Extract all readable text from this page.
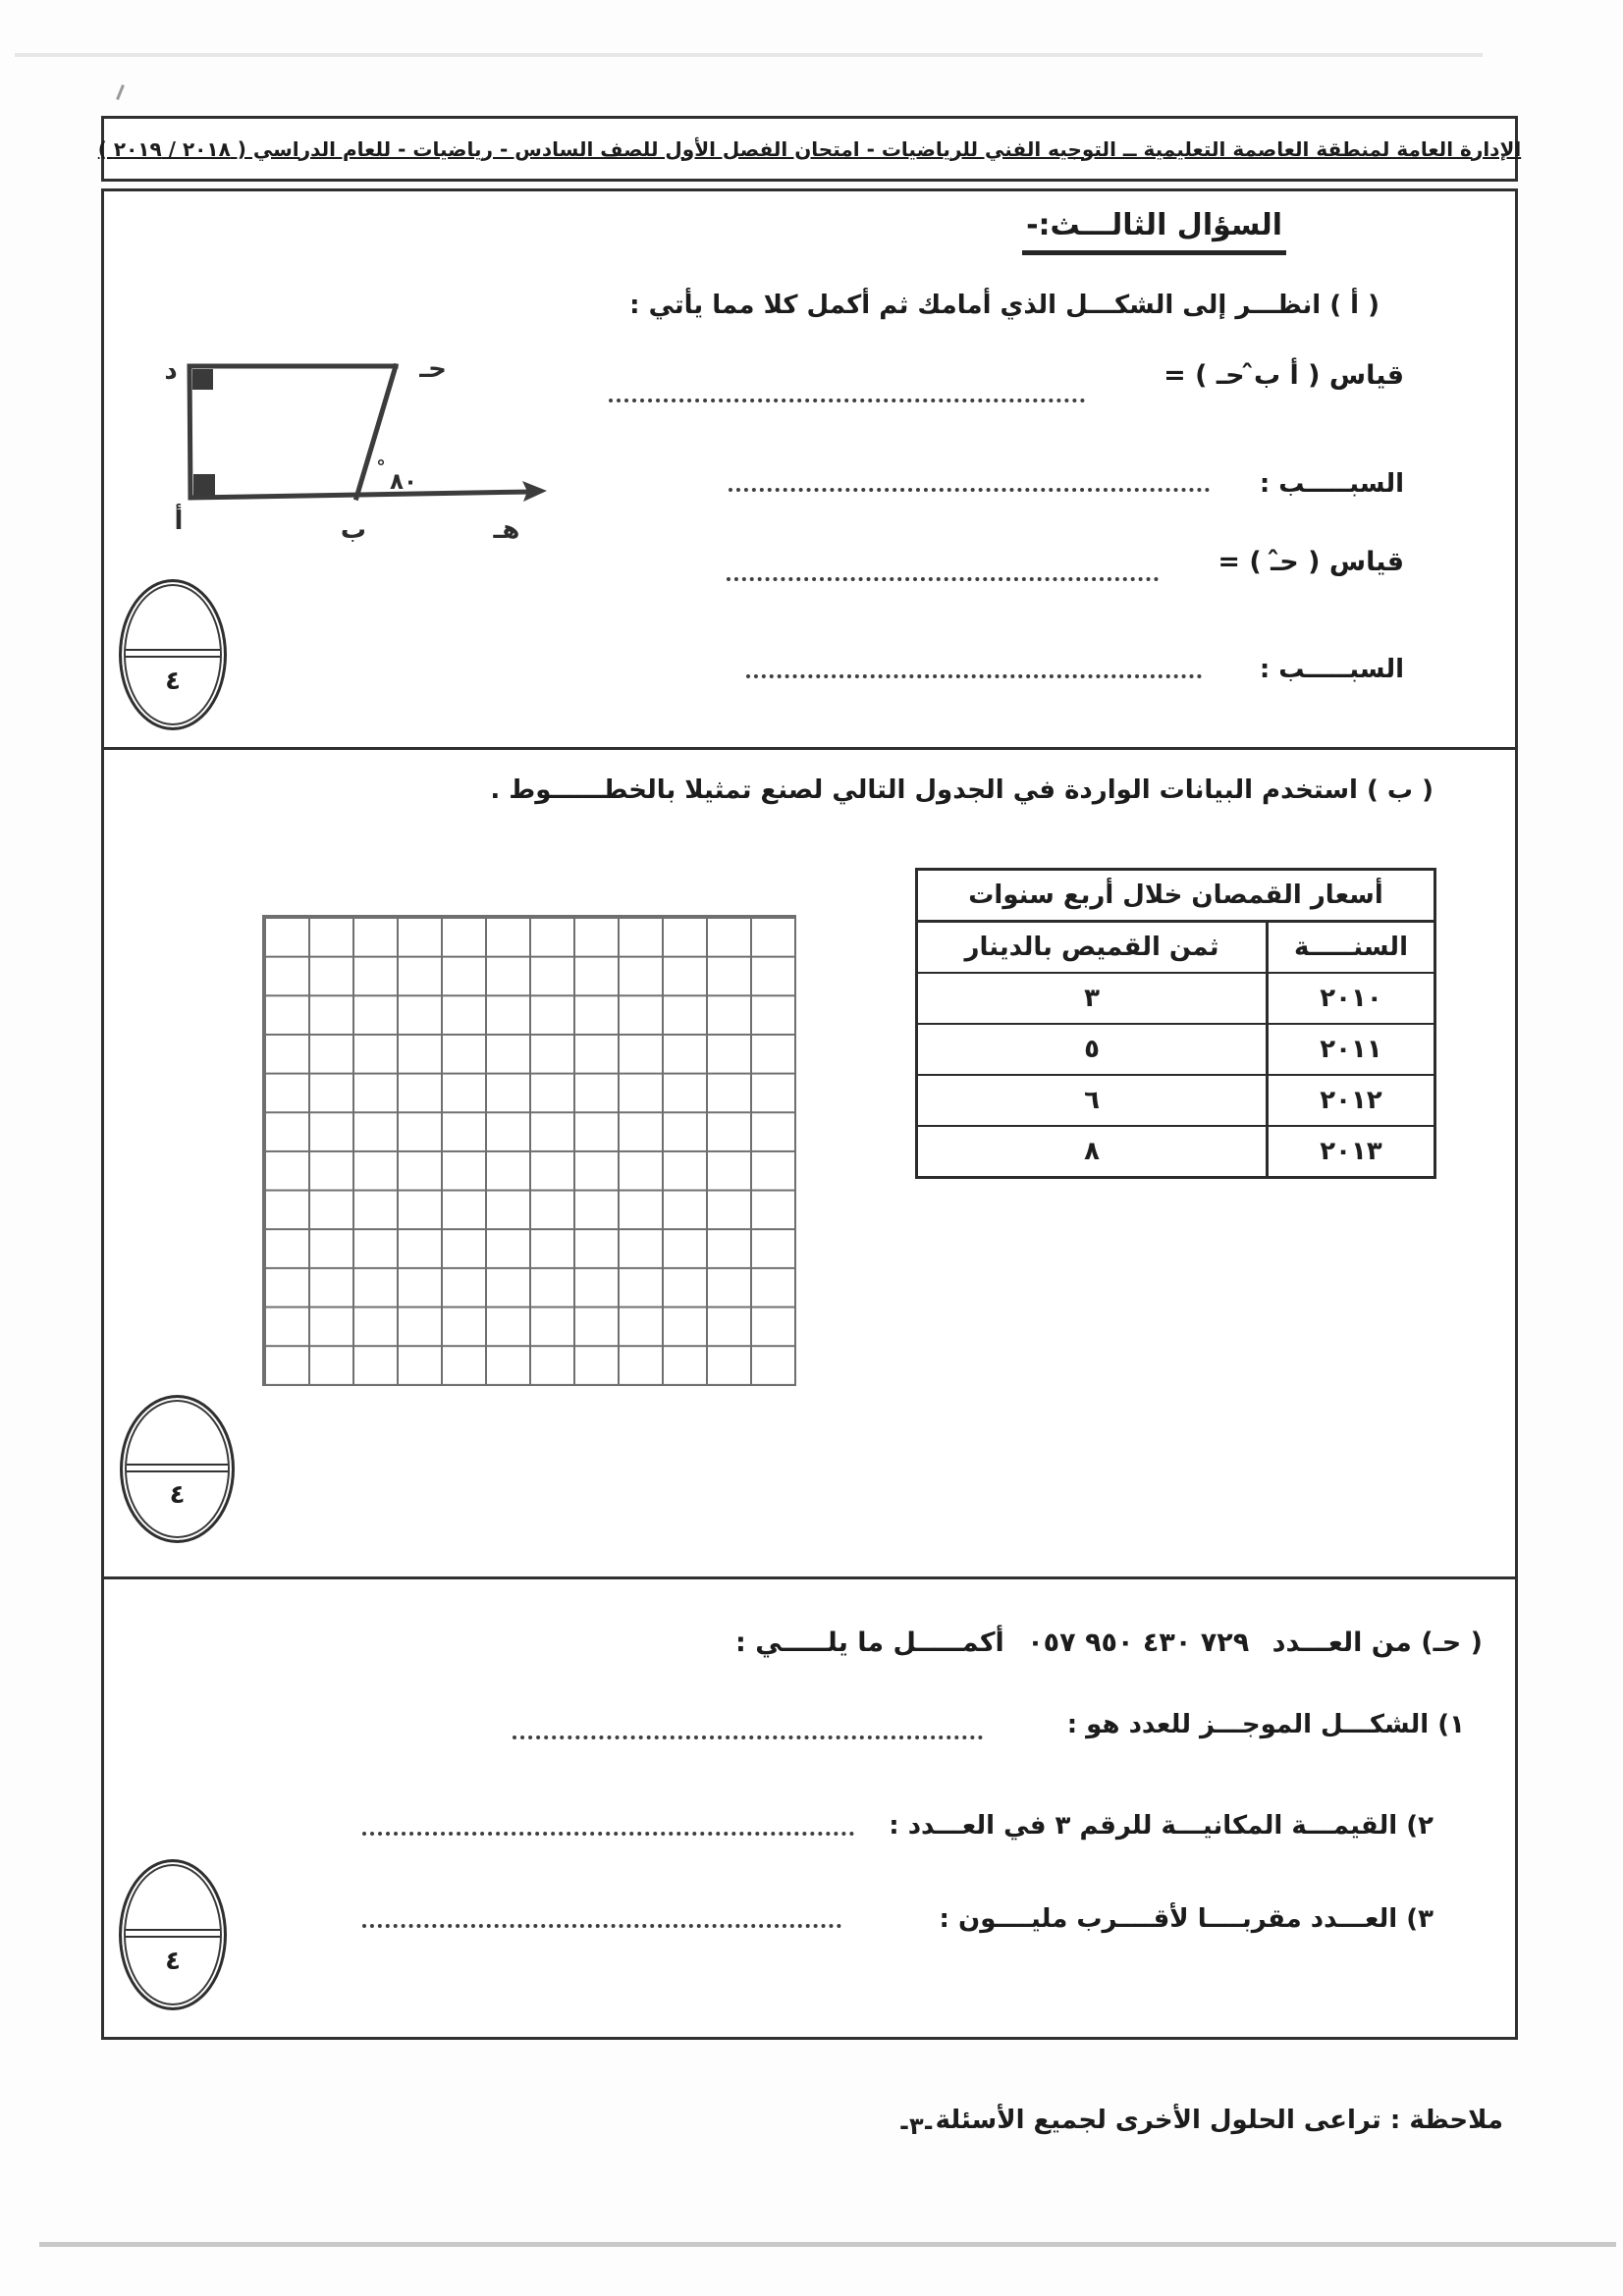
الإدارة العامة لمنطقة العاصمة التعليمية ــ التوجيه الفني للرياضيات - امتحان الفصل الأول للصف السادس - رياضيات - للعام الدراسي ( ٢٠١٨ / ٢٠١٩ )
السؤال الثالـــث:-
( أ ) انظـــر إلى الشكـــل الذي أمامك ثم أكمل كلا مما يأتي :
قياس ( أ ب̂ حـ ) =
السبـــــب :
قياس ( ح̂ـ ) =
السبـــــب :
د	حـ
أ	ب	هـ
°
٨٠
٤
( ب ) استخدم البيانات الواردة في الجدول التالي لصنع تمثيلا بالخطــــــوط .
أسعار القمصان خلال أربع سنوات
السنـــــة
ثمن القميص بالدينار
٢٠١٠
٣
٢٠١١
٥
٢٠١٢
٦
٢٠١٣
٨
٤
( حـ) من العـــدد ٧٢٩ ٤٣٠ ٩٥٠ ٠٥٧ أكمـــــل ما يلـــــي :
١) الشكـــل الموجـــز للعدد هو :
٢) القيمـــة المكانيـــة للرقم ٣ في العـــدد :
٣) العـــدد مقربــــا لأقــــرب مليــــون :
٤
ملاحظة : تراعى الحلول الأخرى لجميع الأسئلة
-٣-
